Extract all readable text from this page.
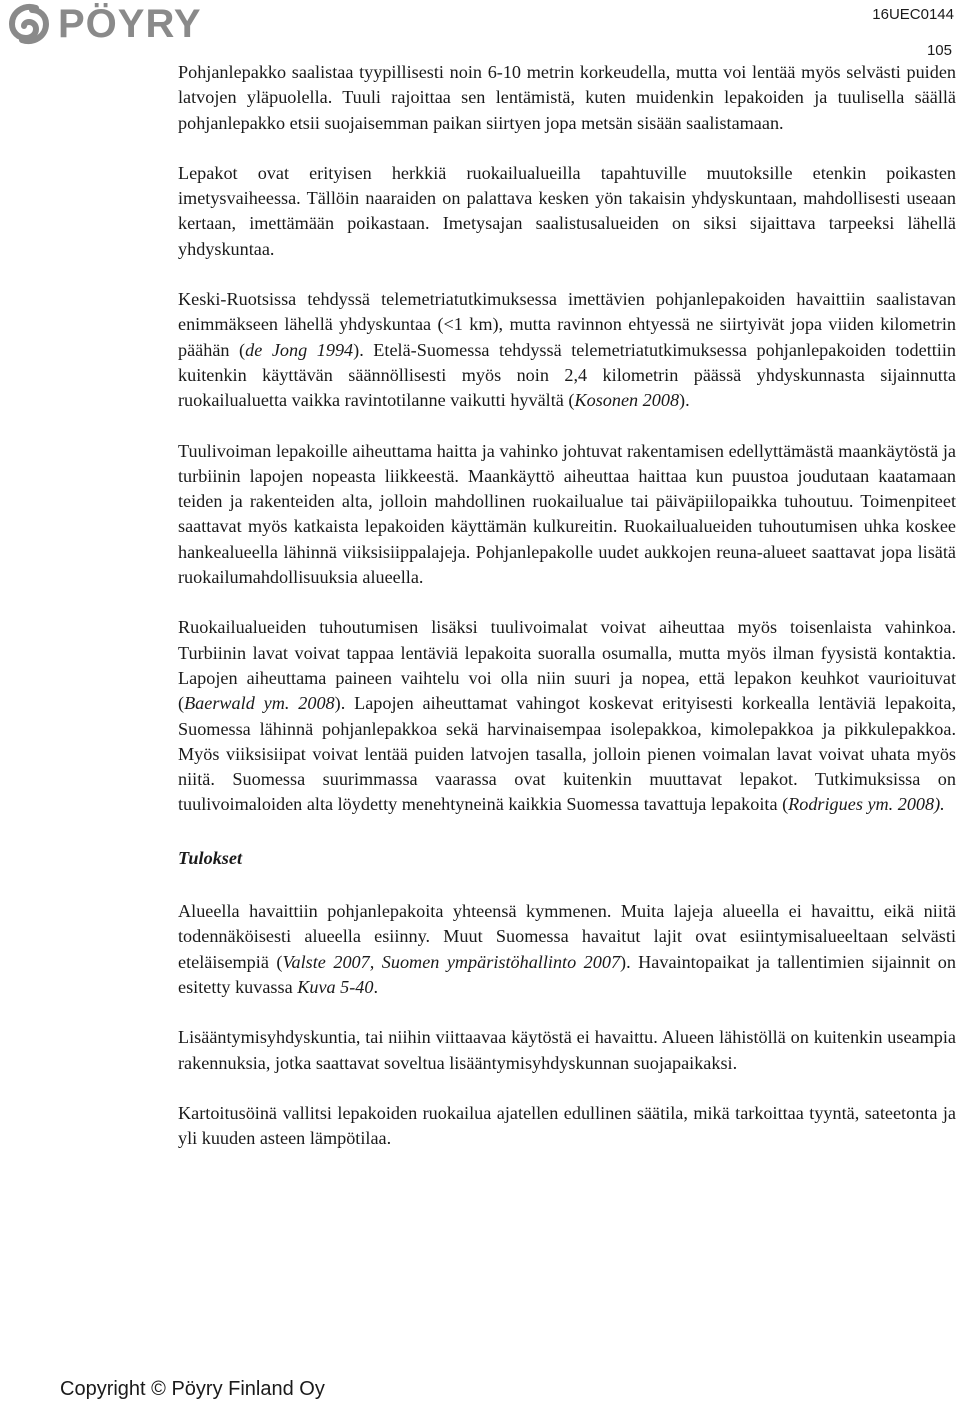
PÖYRY	16UEC0144
105

Pohjanlepakko saalistaa tyypillisesti noin 6-10 metrin korkeudella, mutta voi lentää myös selvästi puiden latvojen yläpuolella. Tuuli rajoittaa sen lentämistä, kuten muidenkin lepakoiden ja tuulisella säällä pohjanlepakko etsii suojaisemman paikan siirtyen jopa metsän sisään saalistamaan.

Lepakot ovat erityisen herkkiä ruokailualueilla tapahtuville muutoksille etenkin poikasten imetysvaiheessa. Tällöin naaraiden on palattava kesken yön takaisin yhdyskuntaan, mahdollisesti useaan kertaan, imettämään poikastaan. Imetysajan saalistusalueiden on siksi sijaittava tarpeeksi lähellä yhdyskuntaa.

Keski-Ruotsissa tehdyssä telemetriatutkimuksessa imettävien pohjanlepakoiden havaittiin saalistavan enimmäkseen lähellä yhdyskuntaa (<1 km), mutta ravinnon ehtyessä ne siirtyivät jopa viiden kilometrin päähän (de Jong 1994). Etelä-Suomessa tehdyssä telemetriatutkimuksessa pohjanlepakoiden todettiin kuitenkin käyttävän säännöllisesti myös noin 2,4 kilometrin päässä yhdyskunnasta sijainnutta ruokailualuetta vaikka ravintotilanne vaikutti hyvältä (Kosonen 2008).

Tuulivoiman lepakoille aiheuttama haitta ja vahinko johtuvat rakentamisen edellyttämästä maankäytöstä ja turbiinin lapojen nopeasta liikkeestä. Maankäyttö aiheuttaa haittaa kun puustoa joudutaan kaatamaan teiden ja rakenteiden alta, jolloin mahdollinen ruokailualue tai päiväpiilopaikka tuhoutuu. Toimenpiteet saattavat myös katkaista lepakoiden käyttämän kulkureitin. Ruokailualueiden tuhoutumisen uhka koskee hankealueella lähinnä viiksisiippalajeja. Pohjanlepakolle uudet aukkojen reuna-alueet saattavat jopa lisätä ruokailumahdollisuuksia alueella.

Ruokailualueiden tuhoutumisen lisäksi tuulivoimalat voivat aiheuttaa myös toisenlaista vahinkoa. Turbiinin lavat voivat tappaa lentäviä lepakoita suoralla osumalla, mutta myös ilman fyysistä kontaktia. Lapojen aiheuttama paineen vaihtelu voi olla niin suuri ja nopea, että lepakon keuhkot vaurioituvat (Baerwald ym. 2008). Lapojen aiheuttamat vahingot koskevat erityisesti korkealla lentäviä lepakoita, Suomessa lähinnä pohjanlepakkoa sekä harvinaisempaa isolepakkoa, kimolepakkoa ja pikkulepakkoa. Myös viiksisiipat voivat lentää puiden latvojen tasalla, jolloin pienen voimalan lavat voivat uhata myös niitä. Suomessa suurimmassa vaarassa ovat kuitenkin muuttavat lepakot. Tutkimuksissa on tuulivoimaloiden alta löydetty menehtyneinä kaikkia Suomessa tavattuja lepakoita (Rodrigues ym. 2008).

Tulokset

Alueella havaittiin pohjanlepakoita yhteensä kymmenen. Muita lajeja alueella ei havaittu, eikä niitä todennäköisesti alueella esiinny. Muut Suomessa havaitut lajit ovat esiintymisalueeltaan selvästi eteläisempiä (Valste 2007, Suomen ympäristöhallinto 2007). Havaintopaikat ja tallentimien sijainnit on esitetty kuvassa Kuva 5-40.

Lisääntymisyhdyskuntia, tai niihin viittaavaa käytöstä ei havaittu. Alueen lähistöllä on kuitenkin useampia rakennuksia, jotka saattavat soveltua lisääntymisyhdyskunnan suojapaikaksi.

Kartoitusöinä vallitsi lepakoiden ruokailua ajatellen edullinen säätila, mikä tarkoittaa tyyntä, sateetonta ja yli kuuden asteen lämpötilaa.

Copyright © Pöyry Finland Oy
